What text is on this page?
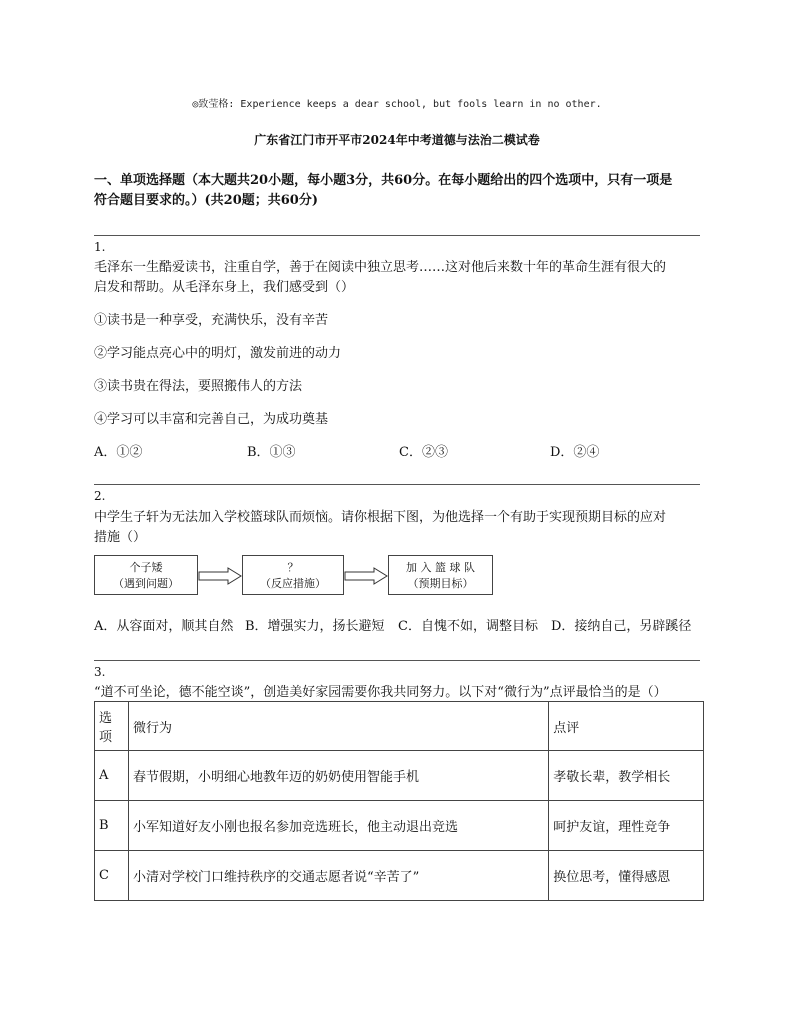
◎致莹格: Experience keeps a dear school, but fools learn in no other.
广东省江门市开平市2024年中考道德与法治二模试卷
一、单项选择题（本大题共20小题，每小题3分，共60分。在每小题给出的四个选项中，只有一项是
符合题目要求的。）(共20题；共60分)
1.
毛泽东一生酷爱读书，注重自学，善于在阅读中独立思考……这对他后来数十年的革命生涯有很大的
启发和帮助。从毛泽东身上，我们感受到（）
①读书是一种享受，充满快乐，没有辛苦
②学习能点亮心中的明灯，激发前进的动力
③读书贵在得法，要照搬伟人的方法
④学习可以丰富和完善自己，为成功奠基
A．①②	B．①③	C．②③	D．②④
2.
中学生子轩为无法加入学校篮球队而烦恼。请你根据下图，为他选择一个有助于实现预期目标的应对
措施（）
个子矮
（遇到问题）
？
（反应措施）
加 入 篮 球 队
（预期目标）
A．从容面对，顺其自然 B．增强实力，扬长避短 C．自愧不如，调整目标 D．接纳自己，另辟蹊径
3.
“道不可坐论，德不能空谈”，创造美好家园需要你我共同努力。以下对“微行为”点评最恰当的是（）
选项	微行为	点评
A	春节假期，小明细心地教年迈的奶奶使用智能手机	孝敬长辈，教学相长
B	小军知道好友小刚也报名参加竞选班长，他主动退出竞选	呵护友谊，理性竞争
C	小清对学校门口维持秩序的交通志愿者说“辛苦了”	换位思考，懂得感恩
